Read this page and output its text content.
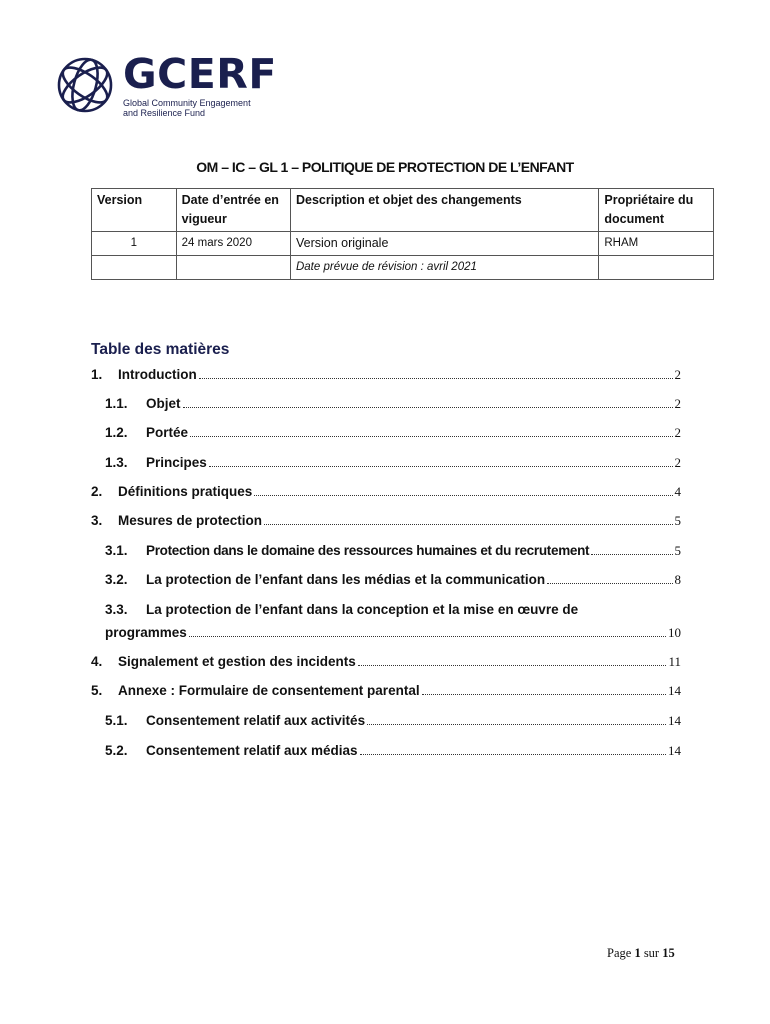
GCERF
Global Community Engagement
and Resilience Fund
OM – IC – GL 1 – POLITIQUE DE PROTECTION DE L’ENFANT
Version	Date d’entrée en vigueur	Description et objet des changements	Propriétaire du document
1	24 mars 2020	Version originale	RHAM
		Date prévue de révision : avril 2021	
Table des matières
1.	Introduction	2
1.1.	Objet	2
1.2.	Portée	2
1.3.	Principes	2
2.	Définitions pratiques	4
3.	Mesures de protection	5
3.1.	Protection dans le domaine des ressources humaines et du recrutement	5
3.2.	La protection de l’enfant dans les médias et la communication	8
3.3.	La protection de l’enfant dans la conception et la mise en œuvre de
programmes	10
4.	Signalement et gestion des incidents	11
5.	Annexe : Formulaire de consentement parental	14
5.1.	Consentement relatif aux activités	14
5.2.	Consentement relatif aux médias	14
Page 1 sur 15
